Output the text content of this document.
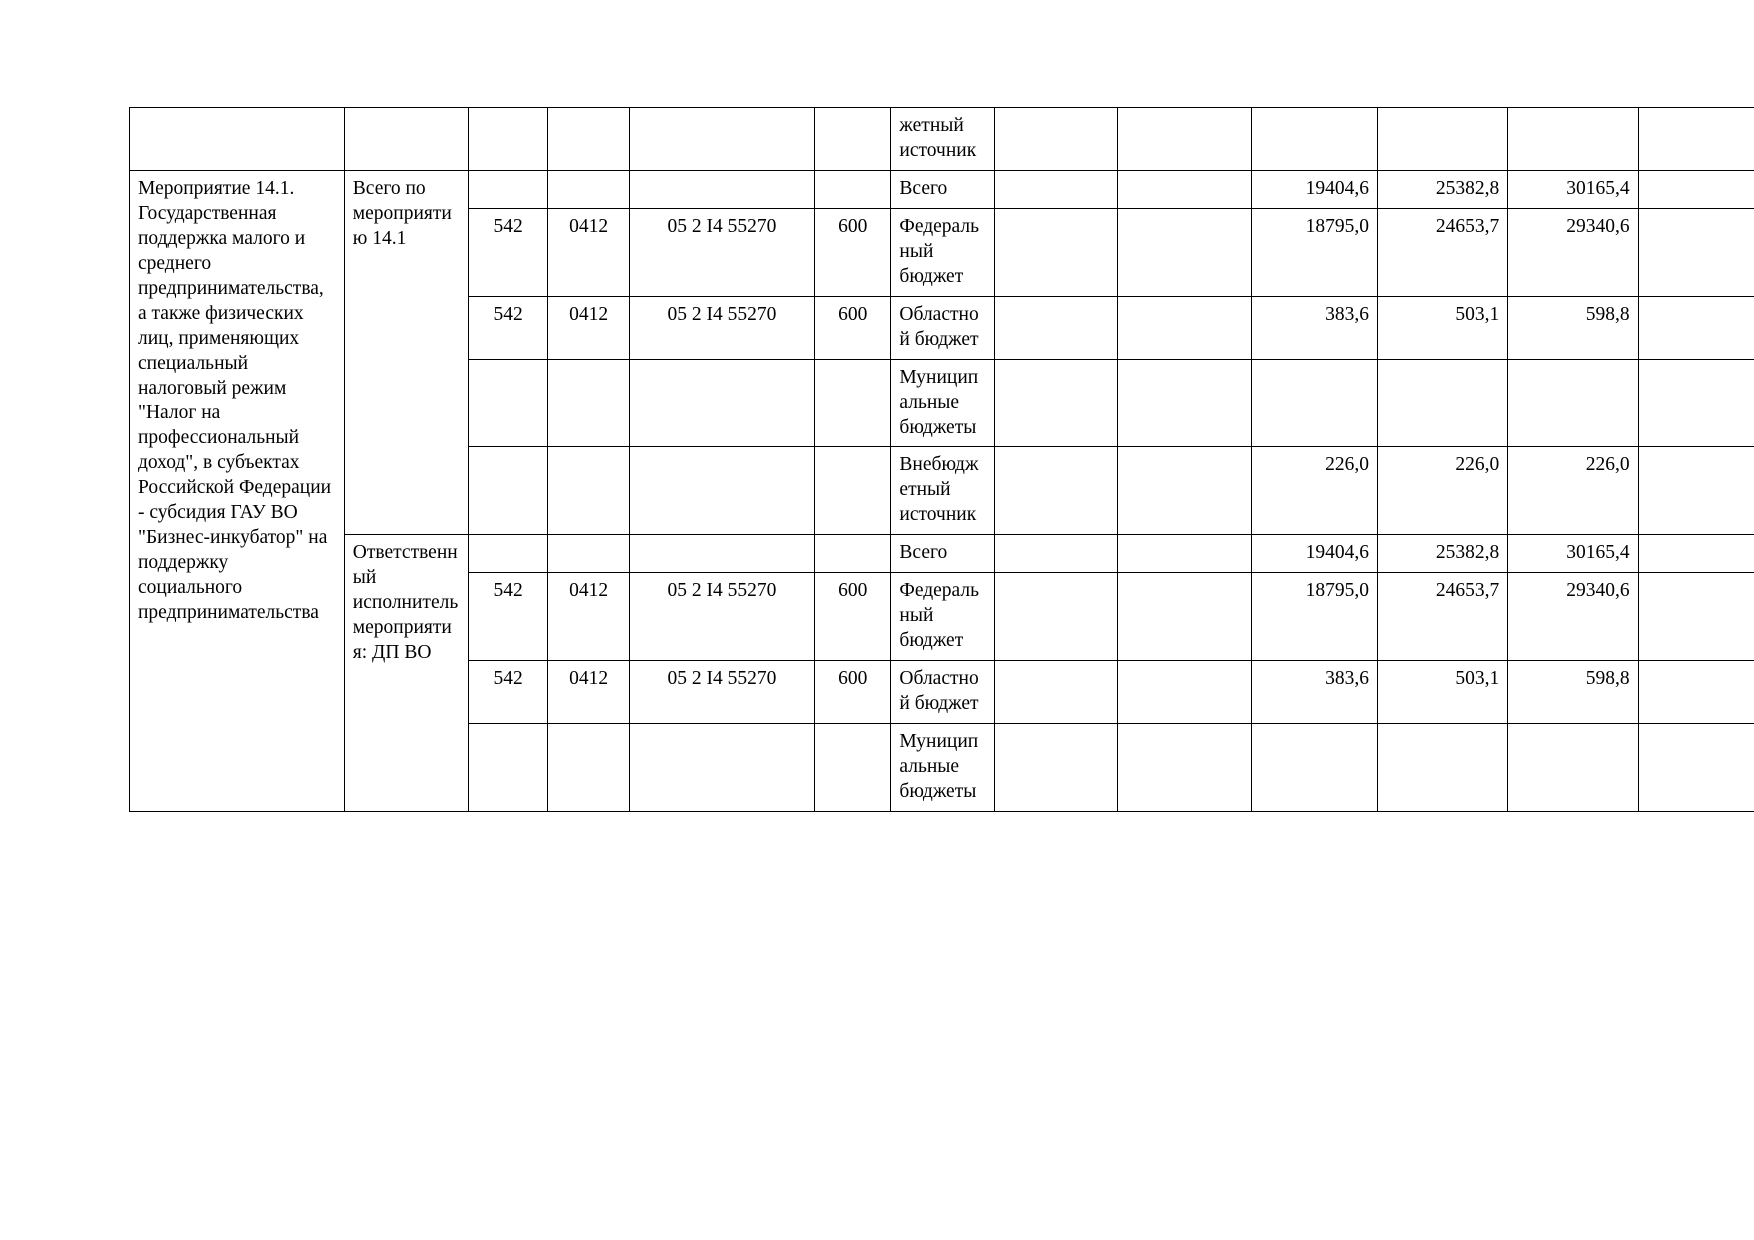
						жетный источник						
Мероприятие 14.1. Государственная поддержка малого и среднего предпринимательства, а также физических лиц, применяющих специальный налоговый режим "Налог на профессиональный доход", в субъектах Российской Федерации - субсидия ГАУ ВО "Бизнес-инкубатор" на поддержку социального предпринимательства	Всего по мероприятию 14.1					Всего			19404,6	25382,8	30165,4	
		542	0412	05 2 I4 55270	600	Федеральный бюджет			18795,0	24653,7	29340,6	
		542	0412	05 2 I4 55270	600	Областной бюджет			383,6	503,1	598,8	
						Муниципальные бюджеты						
						Внебюджетный источник			226,0	226,0	226,0	
	Ответственный исполнитель мероприятия: ДП ВО					Всего			19404,6	25382,8	30165,4	
		542	0412	05 2 I4 55270	600	Федеральный бюджет			18795,0	24653,7	29340,6	
		542	0412	05 2 I4 55270	600	Областной бюджет			383,6	503,1	598,8	
						Муниципальные бюджеты						
